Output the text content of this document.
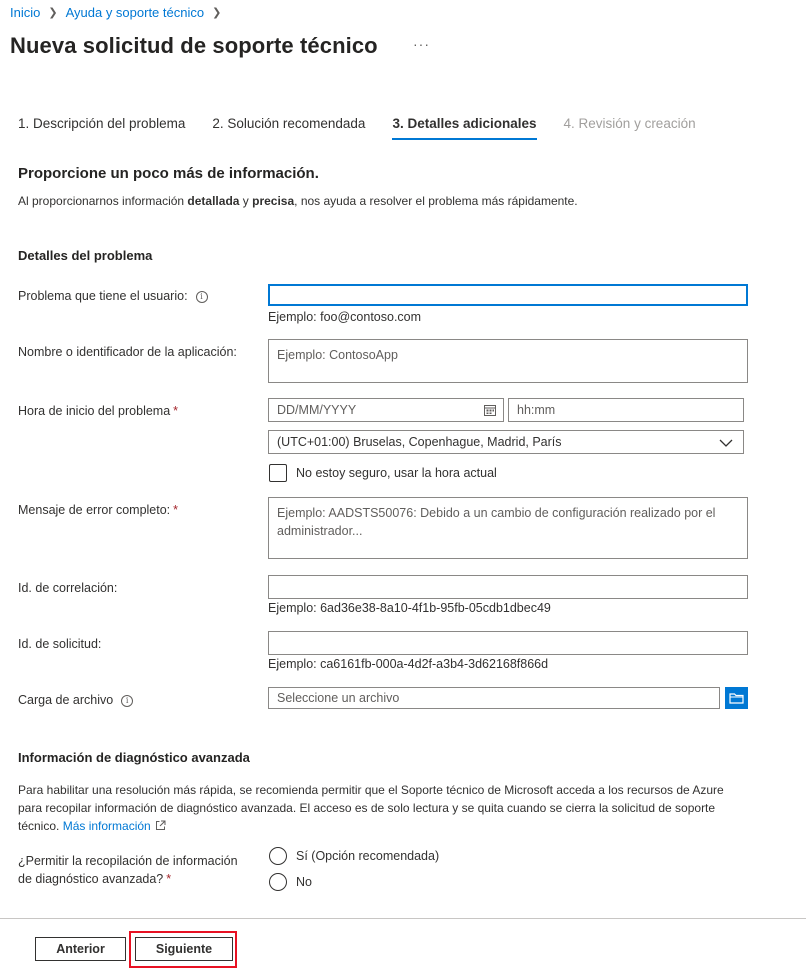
Inicio ❯ Ayuda y soporte técnico ❯
Nueva solicitud de soporte técnico	···
1. Descripción del problema 2. Solución recomendada 3. Detalles adicionales 4. Revisión y creación
Proporcione un poco más de información.

Al proporcionarnos información detallada y precisa, nos ayuda a resolver el problema más rápidamente.

Detalles del problema
Problema que tiene el usuario: i
Ejemplo: foo@contoso.com
Nombre o identificador de la aplicación:	Ejemplo: ContosoApp
Hora de inicio del problema *	DD/MM/YYYY	hh:mm
(UTC+01:00) Bruselas, Copenhague, Madrid, París
No estoy seguro, usar la hora actual
Mensaje de error completo: *	Ejemplo: AADSTS50076: Debido a un cambio de configuración realizado por el administrador...
Id. de correlación:
Ejemplo: 6ad36e38-8a10-4f1b-95fb-05cdb1dbec49
Id. de solicitud:
Ejemplo: ca6161fb-000a-4d2f-a3b4-3d62168f866d
Carga de archivo i	Seleccione un archivo
Información de diagnóstico avanzada

Para habilitar una resolución más rápida, se recomienda permitir que el Soporte técnico de Microsoft acceda a los recursos de Azure para recopilar información de diagnóstico avanzada. El acceso es de solo lectura y se quita cuando se cierra la solicitud de soporte técnico. Más información

¿Permitir la recopilación de información
de diagnóstico avanzada? *
Sí (Opción recomendada)
No
Anterior	Siguiente
